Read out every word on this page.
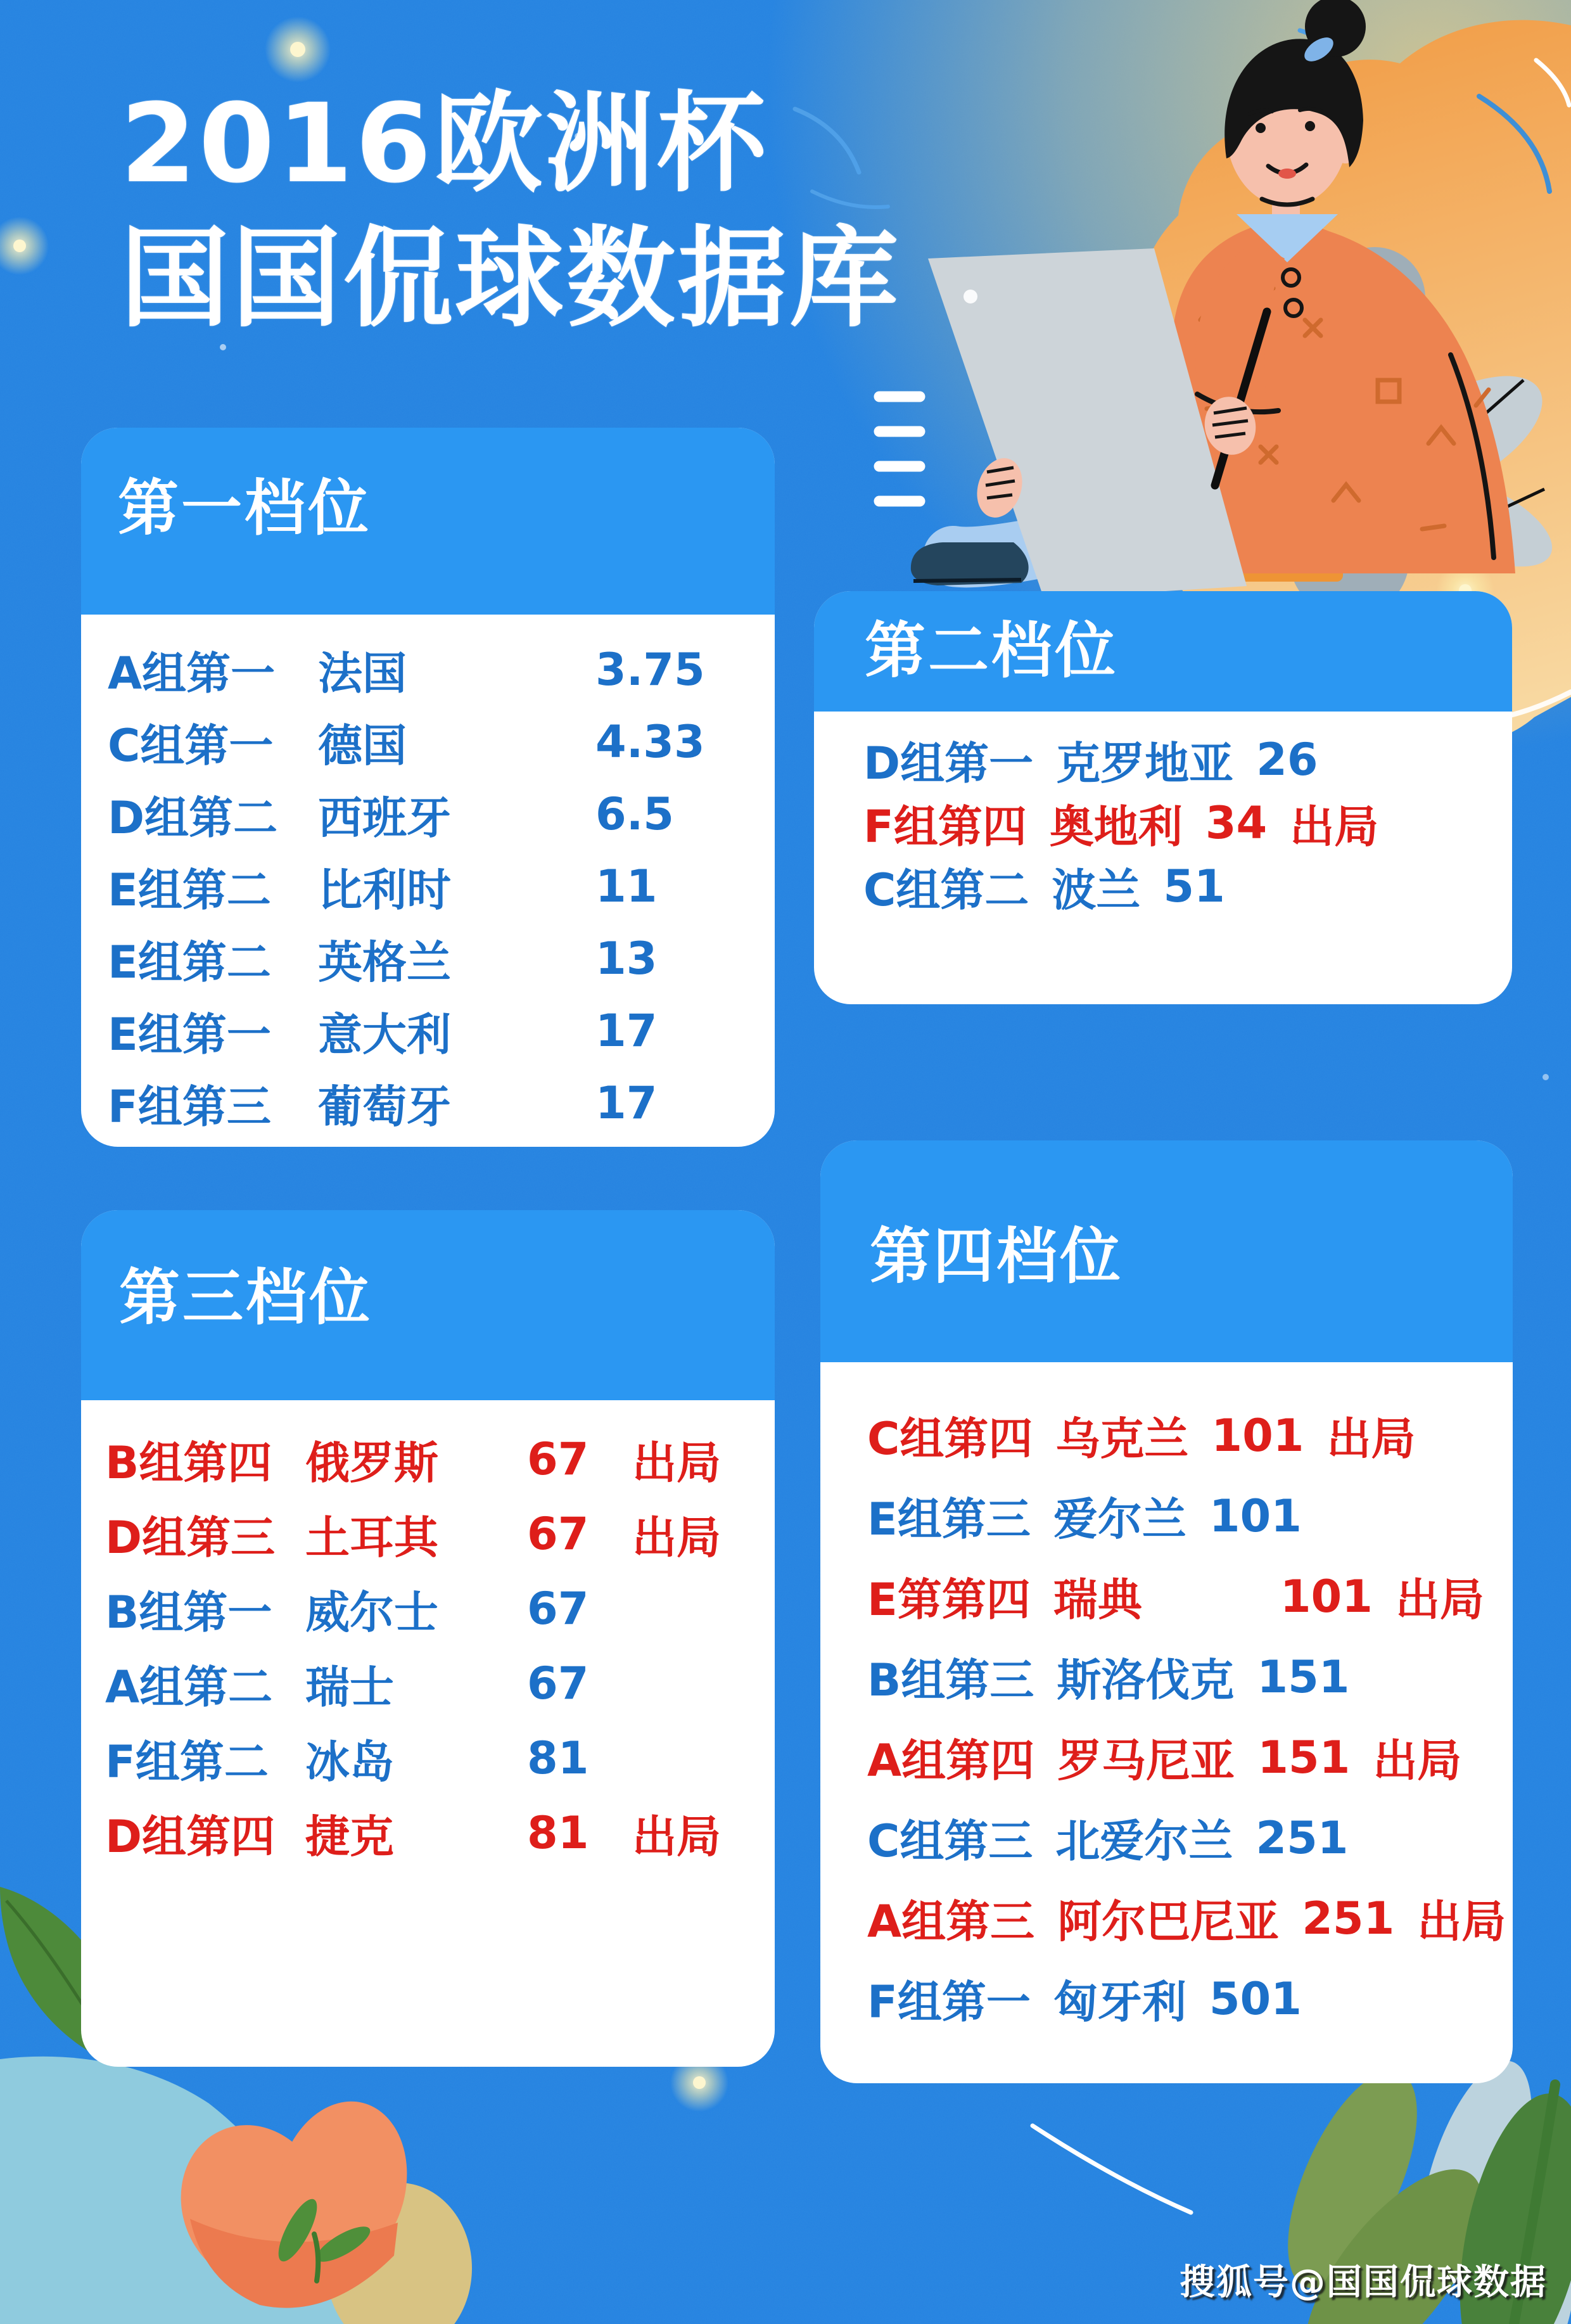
2016欧洲杯
国国侃球数据库
第一档位
A组第一 法国	3.75
C组第一	德国	4.33
D组第二 西班牙	6.5
E组第二	比利时	11
E组第二	英格兰	13
E组第一	意大利	17
F组第三	葡萄牙	17
第二档位
D组第一 克罗地亚 26
F组第四 奥地利 34 出局
C组第二 波兰 51
第三档位
B组第四 俄罗斯	67 出局
D组第三 土耳其	67 出局
B组第一 威尔士	67
A组第二 瑞士	67
F组第二 冰岛	81
D组第四 捷克	81 出局
第四档位
C组第四 乌克兰 101 出局
E组第三 爱尔兰 101
E第第四 瑞典	101 出局
B组第三 斯洛伐克 151
A组第四 罗马尼亚 151 出局
C组第三 北爱尔兰 251
A组第三 阿尔巴尼亚 251 出局
F组第一 匈牙利 501
搜狐号@国国侃球数据
